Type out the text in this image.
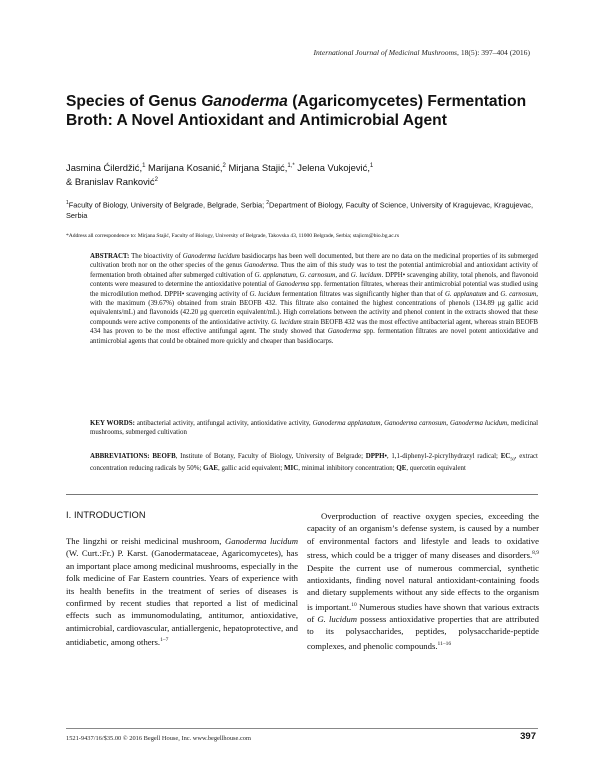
International Journal of Medicinal Mushrooms, 18(5): 397–404 (2016)
Species of Genus Ganoderma (Agaricomycetes) Fermentation Broth: A Novel Antioxidant and Antimicrobial Agent
Jasmina Ćilerdžić,$^1$ Marijana Kosanić,$^2$ Mirjana Stajić,$^{1,*}$ Jelena Vukojević,$^1$
& Branislav Ranković$^2$
$^1$Faculty of Biology, University of Belgrade, Belgrade, Serbia; $^2$Department of Biology, Faculty of Science, University of Kragujevac, Kragujevac, Serbia
*Address all correspondence to: Mirjana Stajić, Faculty of Biology, University of Belgrade, Takovska 43, 11000 Belgrade, Serbia; stajicm@bio.bg.ac.rs
ABSTRACT: The bioactivity of Ganoderma lucidum basidiocarps has been well documented, but there are no data on the medicinal properties of its submerged cultivation broth nor on the other species of the genus Ganoderma. Thus the aim of this study was to test the potential antimicrobial and antioxidant activity of fermentation broth obtained after submerged cultivation of G. applanatum, G. carnosum, and G. lucidum. DPPH• scavenging ability, total phenols, and flavonoid contents were measured to determine the antioxidative potential of Ganoderma spp. fermentation filtrates, whereas their antimicrobial potential was studied using the microdilution method. DPPH• scavenging activity of G. lucidum fermentation filtrates was significantly higher than that of G. applanatum and G. carnosum, with the maximum (39.67%) obtained from strain BEOFB 432. This filtrate also contained the highest concentrations of phenols (134.89 μg gallic acid equivalents/mL) and flavonoids (42.20 μg quercetin equivalent/mL). High correlations between the activity and phenol content in the extracts showed that these compounds were active components of the antioxidative activity. G. lucidum strain BEOFB 432 was the most effective antibacterial agent, whereas strain BEOFB 434 has proven to be the most effective antifungal agent. The study showed that Ganoderma spp. fermentation filtrates are novel potent antioxidative and antimicrobial agents that could be obtained more quickly and cheaper than basidiocarps.
KEY WORDS: antibacterial activity, antifungal activity, antioxidative activity, Ganoderma applanatum, Ganoderma carnosum, Ganoderma lucidum, medicinal mushrooms, submerged cultivation
ABBREVIATIONS: BEOFB, Institute of Botany, Faculty of Biology, University of Belgrade; DPPH•, 1,1-diphenyl-2-picrylhydrazyl radical; $EC_{50}$, extract concentration reducing radicals by 50%; GAE, gallic acid equivalent; MIC, minimal inhibitory concentration; QE, quercetin equivalent
I. INTRODUCTION
The lingzhi or reishi medicinal mushroom, Ganoderma lucidum (W. Curt.:Fr.) P. Karst. (Ganodermataceae, Agaricomycetes), has an important place among medicinal mushrooms, especially in the folk medicine of Far Eastern countries. Years of experience with its health benefits in the treatment of series of diseases is confirmed by recent studies that reported a list of medicinal effects such as immunomodulating, antitumor, antioxidative, antimicrobial, cardiovascular, antiallergenic, hepatoprotective, and antidiabetic, among others.$^{1-7}$
Overproduction of reactive oxygen species, exceeding the capacity of an organism’s defense system, is caused by a number of environmental factors and lifestyle and leads to oxidative stress, which could be a trigger of many diseases and disorders.$^{8,9}$ Despite the current use of numerous commercial, synthetic antioxidants, finding novel natural antioxidant-containing foods and dietary supplements without any side effects to the organism is important.$^{10}$ Numerous studies have shown that various extracts of G. lucidum possess antioxidative properties that are attributed to its polysaccharides, peptides, polysaccharide-peptide complexes, and phenolic compounds.$^{11-16}$
1521-9437/16/$35.00 © 2016 Begell House, Inc. www.begellhouse.com	397
